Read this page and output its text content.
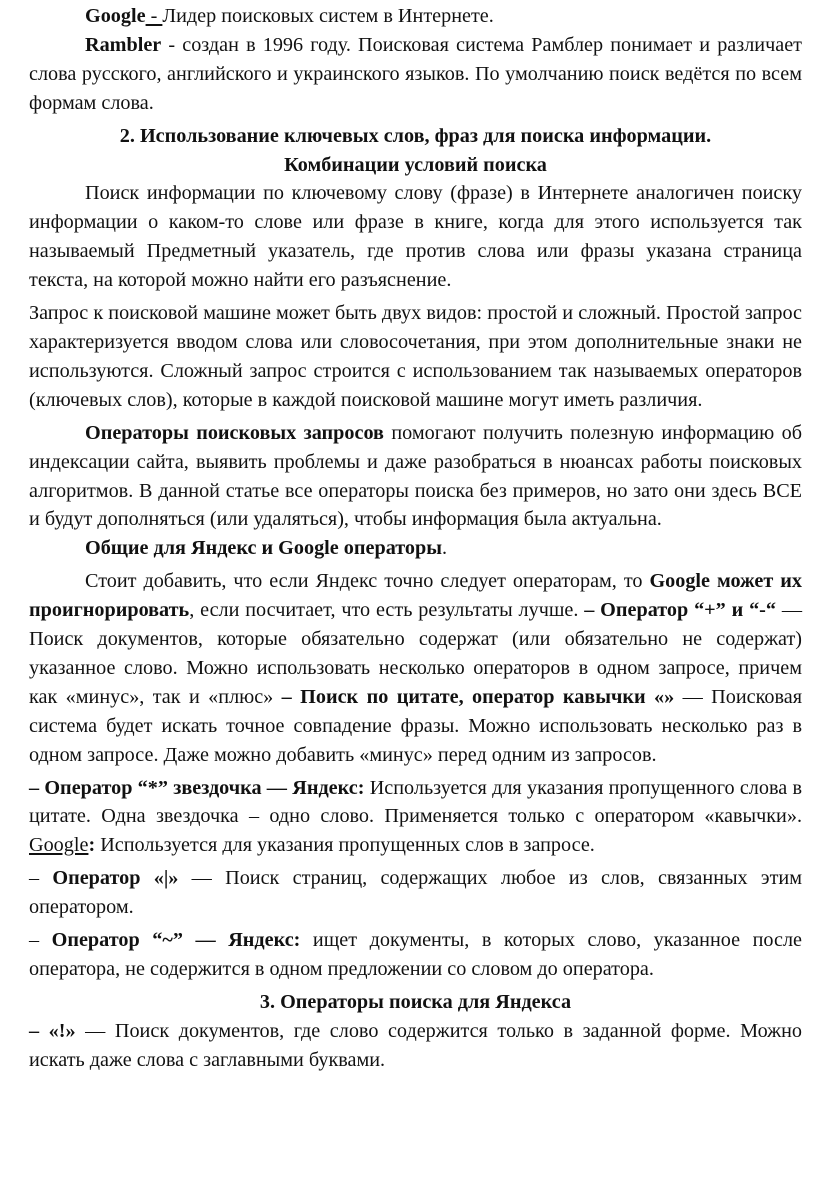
Google - Лидер поисковых систем в Интернете.

Rambler - создан в 1996 году. Поисковая система Рамблер понимает и различает слова русского, английского и украинского языков. По умолчанию поиск ведётся по всем формам слова.

2. Использование ключевых слов, фраз для поиска информации.

Комбинации условий поиска

Поиск информации по ключевому слову (фразе) в Интернете аналогичен поиску информации о каком-то слове или фразе в книге, когда для этого используется так называемый Предметный указатель, где против слова или фразы указана страница текста, на которой можно найти его разъяснение.

Запрос к поисковой машине может быть двух видов: простой и сложный. Простой запрос характеризуется вводом слова или словосочетания, при этом дополнительные знаки не используются. Сложный запрос строится с использованием так называемых операторов (ключевых слов), которые в каждой поисковой машине могут иметь различия.

Операторы поисковых запросов помогают получить полезную информацию об индексации сайта, выявить проблемы и даже разобраться в нюансах работы поисковых алгоритмов. В данной статье все операторы поиска без примеров, но зато они здесь ВСЕ и будут дополняться (или удаляться), чтобы информация была актуальна.

Общие для Яндекс и Google операторы.

Стоит добавить, что если Яндекс точно следует операторам, то Google может их проигнорировать, если посчитает, что есть результаты лучше. – Оператор “+” и “-“ — Поиск документов, которые обязательно содержат (или обязательно не содержат) указанное слово. Можно использовать несколько операторов в одном запросе, причем как «минус», так и «плюс» – Поиск по цитате, оператор кавычки «» — Поисковая система будет искать точное совпадение фразы. Можно использовать несколько раз в одном запросе. Даже можно добавить «минус» перед одним из запросов.

– Оператор “*” звездочка — Яндекс: Используется для указания пропущенного слова в цитате. Одна звездочка – одно слово. Применяется только с оператором «кавычки». Google: Используется для указания пропущенных слов в запросе.

– Оператор «|» — Поиск страниц, содержащих любое из слов, связанных этим оператором.

– Оператор “~” — Яндекс: ищет документы, в которых слово, указанное после оператора, не содержится в одном предложении со словом до оператора.

3. Операторы поиска для Яндекса

– «!» — Поиск документов, где слово содержится только в заданной форме. Можно искать даже слова с заглавными буквами.
